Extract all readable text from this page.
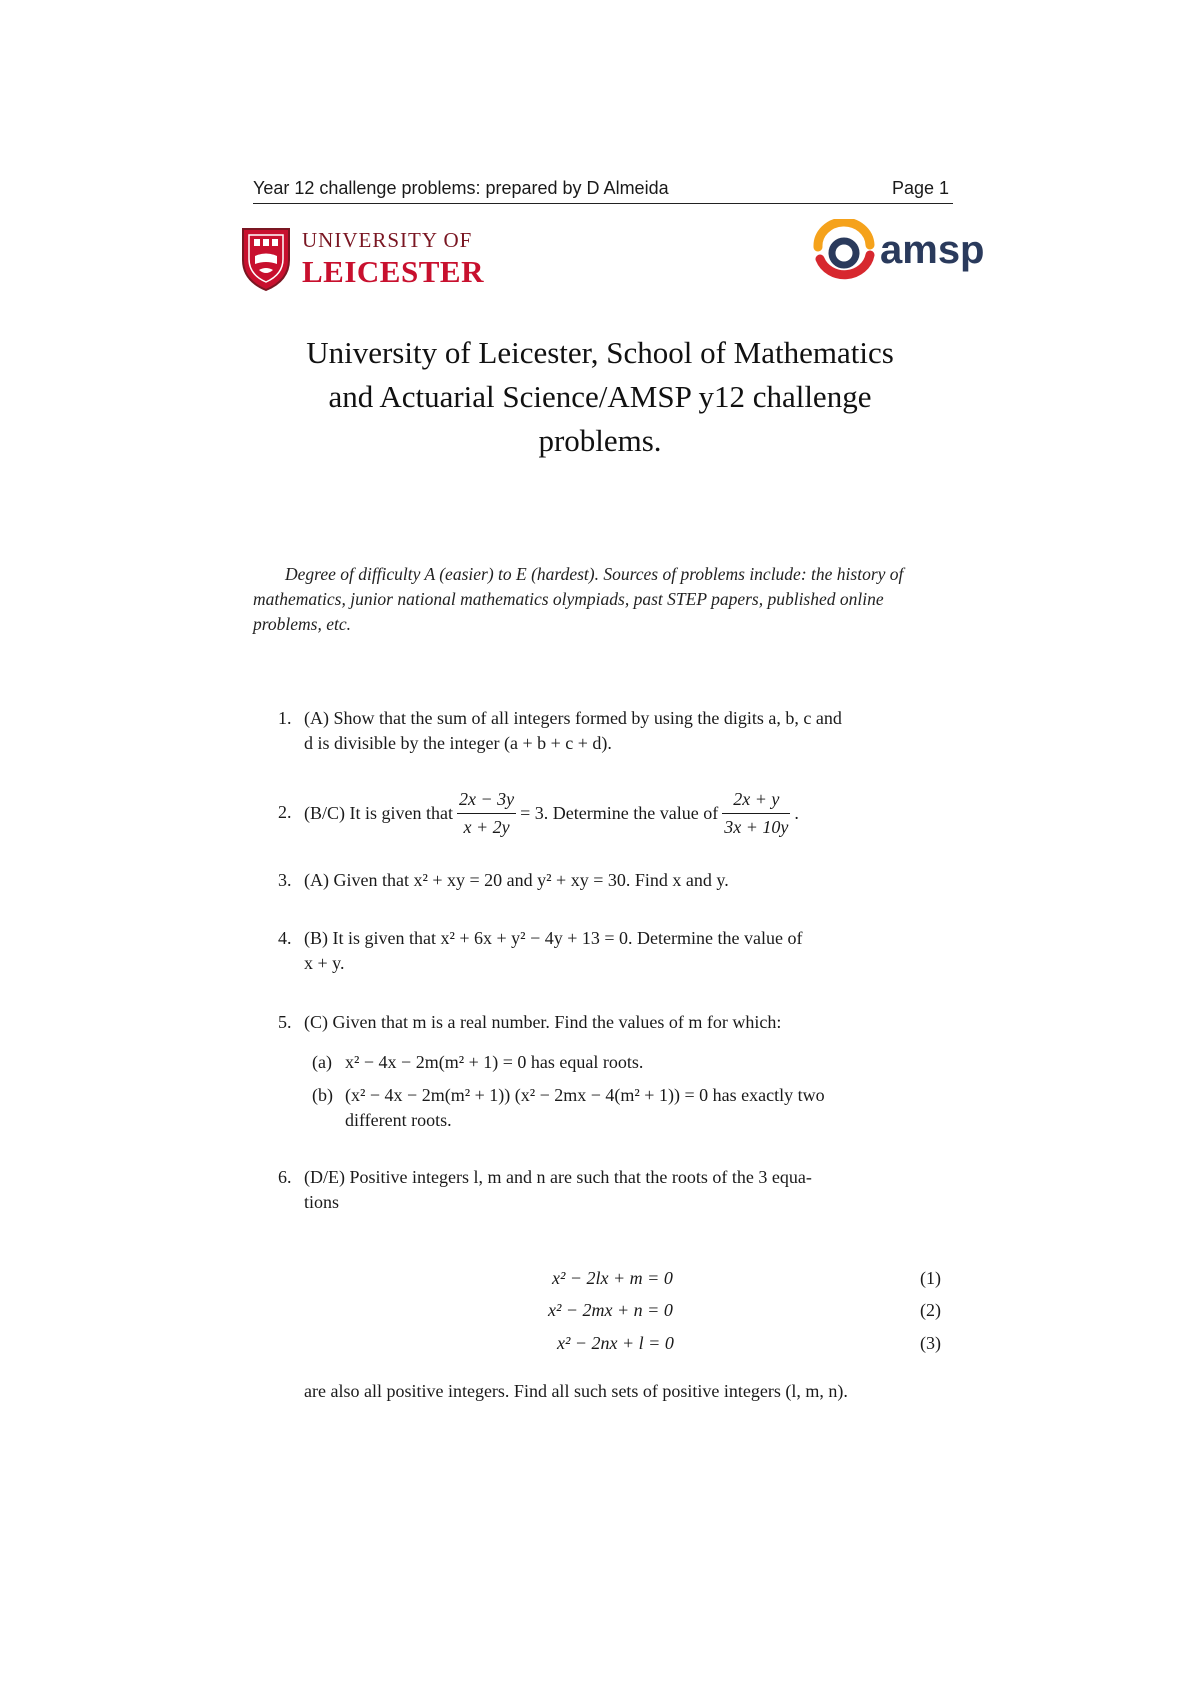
Year 12 challenge problems: prepared by D Almeida	Page 1
UNIVERSITY OF
LEICESTER	amsp
University of Leicester, School of Mathematics
and Actuarial Science/AMSP y12 challenge
problems.
Degree of difficulty A (easier) to E (hardest). Sources of problems include: the history of mathematics, junior national mathematics olympiads, past STEP papers, published online problems, etc.
1. (A) Show that the sum of all integers formed by using the digits a, b, c and
d is divisible by the integer (a + b + c + d).
2. (B/C) It is given that $\frac{2x - 3y}{x + 2y} = 3$. Determine the value of $\frac{2x + y}{3x + 10y}$ .
3. (A) Given that x² + xy = 20 and y² + xy = 30. Find x and y.
4. (B) It is given that x² + 6x + y² − 4y + 13 = 0. Determine the value of
x + y.
5. (C) Given that m is a real number. Find the values of m for which:
(a) x² − 4x − 2m(m² + 1) = 0 has equal roots.
(b) (x² − 4x − 2m(m² + 1)) (x² − 2mx − 4(m² + 1)) = 0 has exactly two
different roots.
6. (D/E) Positive integers l, m and n are such that the roots of the 3 equa-
tions
x² − 2lx + m = 0	(1)
x² − 2mx + n = 0	(2)
x² − 2nx + l = 0	(3)
are also all positive integers. Find all such sets of positive integers (l, m, n).
